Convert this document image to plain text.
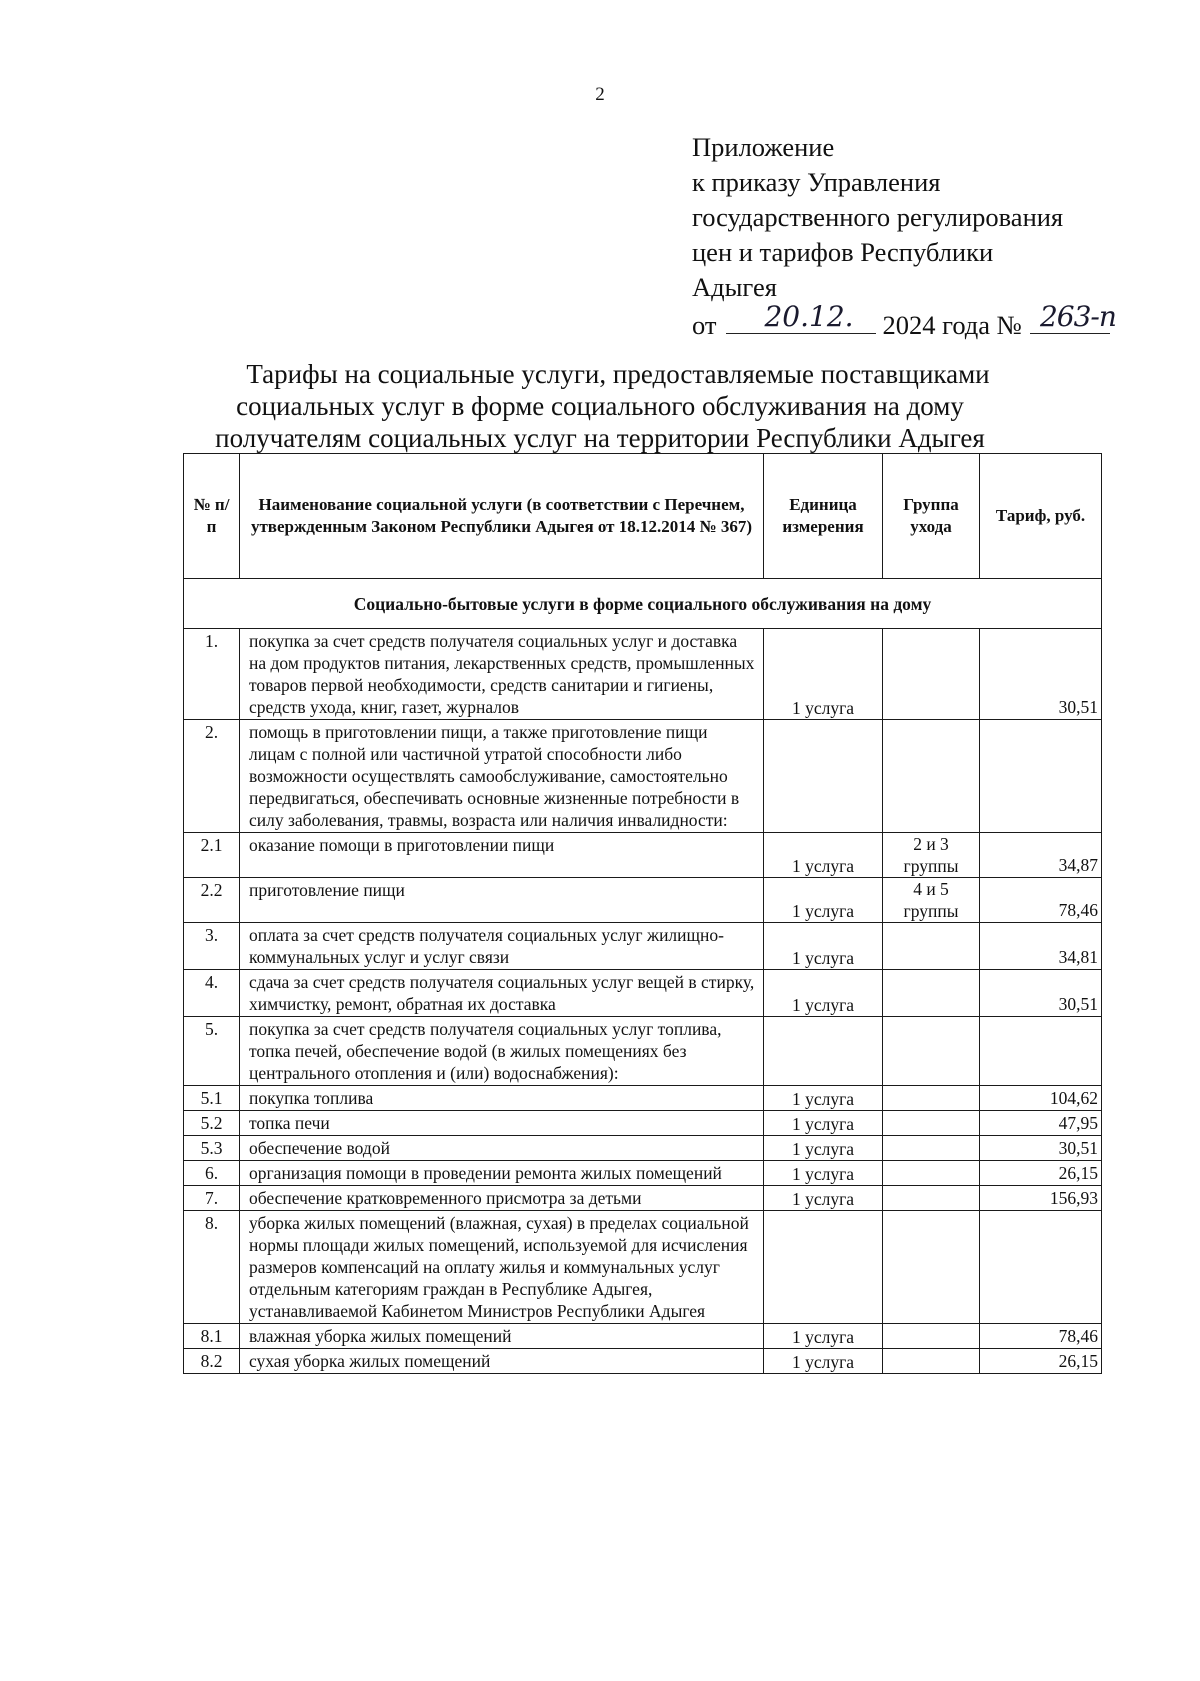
2
Приложение
к приказу Управления
государственного регулирования
цен и тарифов Республики
Адыгея
от 20.12. 2024 года № 263-п
Тарифы на социальные услуги, предоставляемые поставщиками
социальных услуг в форме социального обслуживания на дому
получателям социальных услуг на территории Республики Адыгея
№ п/п	Наименование социальной услуги (в соответствии с Перечнем, утвержденным Законом Республики Адыгея от 18.12.2014 № 367)	Единица измерения	Группа ухода	Тариф, руб.
Социально-бытовые услуги в форме социального обслуживания на дому				
1.	покупка за счет средств получателя социальных услуг и доставка на дом продуктов питания, лекарственных средств, промышленных товаров первой необходимости, средств санитарии и гигиены, средств ухода, книг, газет, журналов	1 услуга		30,51
2.	помощь в приготовлении пищи, а также приготовление пищи лицам с полной или частичной утратой способности либо возможности осуществлять самообслуживание, самостоятельно передвигаться, обеспечивать основные жизненные потребности в силу заболевания, травмы, возраста или наличия инвалидности:			
2.1	оказание помощи в приготовлении пищи	1 услуга	2 и 3 группы	34,87
2.2	приготовление пищи	1 услуга	4 и 5 группы	78,46
3.	оплата за счет средств получателя социальных услуг жилищно- коммунальных услуг и услуг связи	1 услуга		34,81
4.	сдача за счет средств получателя социальных услуг вещей в стирку, химчистку, ремонт, обратная их доставка	1 услуга		30,51
5.	покупка за счет средств получателя социальных услуг топлива, топка печей, обеспечение водой (в жилых помещениях без центрального отопления и (или) водоснабжения):			
5.1	покупка топлива	1 услуга		104,62
5.2	топка печи	1 услуга		47,95
5.3	обеспечение водой	1 услуга		30,51
6.	организация помощи в проведении ремонта жилых помещений	1 услуга		26,15
7.	обеспечение кратковременного присмотра за детьми	1 услуга		156,93
8.	уборка жилых помещений (влажная, сухая) в пределах социальной нормы площади жилых помещений, используемой для исчисления размеров компенсаций на оплату жилья и коммунальных услуг отдельным категориям граждан в Республике Адыгея, устанавливаемой Кабинетом Министров Республики Адыгея			
8.1	влажная уборка жилых помещений	1 услуга		78,46
8.2	сухая уборка жилых помещений	1 услуга		26,15
